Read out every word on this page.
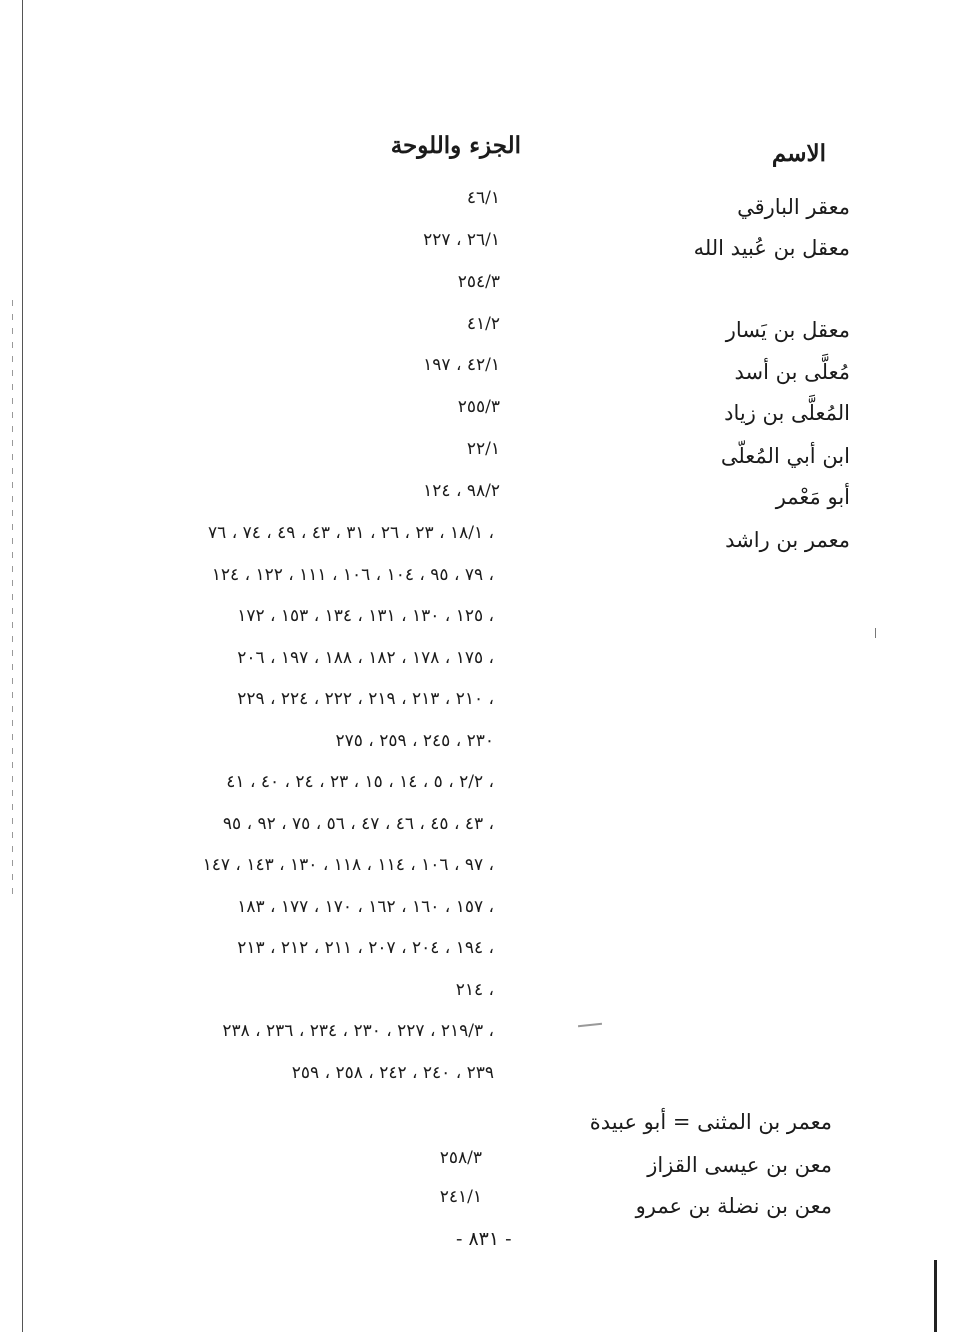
الاسم
الجزء واللوحة
معقر البارقي
٤٦/١
معقل بن عُبيد الله
٢٦/١ ، ٢٢٧
٢٥٤/٣
معقل بن يَسار
٤١/٢
مُعلَّى بن أسد
٤٢/١ ، ١٩٧
المُعلَّى بن زياد
٢٥٥/٣
ابن أبي المُعلّى
٢٢/١
أبو مَعْمر
٩٨/٢ ، ١٢٤
معمر بن راشد
١٨/١ ، ٢٣ ، ٢٦ ، ٣١ ، ٤٣ ، ٤٩ ، ٧٤ ، ٧٦ ،
٧٩ ، ٩٥ ، ١٠٤ ، ١٠٦ ، ١١١ ، ١٢٢ ، ١٢٤ ،
١٢٥ ، ١٣٠ ، ١٣١ ، ١٣٤ ، ١٥٣ ، ١٧٢ ،
١٧٥ ، ١٧٨ ، ١٨٢ ، ١٨٨ ، ١٩٧ ، ٢٠٦ ،
٢١٠ ، ٢١٣ ، ٢١٩ ، ٢٢٢ ، ٢٢٤ ، ٢٢٩ ،
٢٣٠ ، ٢٤٥ ، ٢٥٩ ، ٢٧٥
٢/٢ ، ٥ ، ١٤ ، ١٥ ، ٢٣ ، ٢٤ ، ٤٠ ، ٤١ ،
٤٣ ، ٤٥ ، ٤٦ ، ٤٧ ، ٥٦ ، ٧٥ ، ٩٢ ، ٩٥ ،
٩٧ ، ١٠٦ ، ١١٤ ، ١١٨ ، ١٣٠ ، ١٤٣ ، ١٤٧ ،
١٥٧ ، ١٦٠ ، ١٦٢ ، ١٧٠ ، ١٧٧ ، ١٨٣ ،
١٩٤ ، ٢٠٤ ، ٢٠٧ ، ٢١١ ، ٢١٢ ، ٢١٣ ،
٢١٤ ،
٢١٩/٣ ، ٢٢٧ ، ٢٣٠ ، ٢٣٤ ، ٢٣٦ ، ٢٣٨ ،
٢٣٩ ، ٢٤٠ ، ٢٤٢ ، ٢٥٨ ، ٢٥٩
معمر بن المثنى = أبو عبيدة
معن بن عيسى القزاز
٢٥٨/٣
معن بن نضلة بن عمرو
٢٤١/١
- ٨٣١ -
